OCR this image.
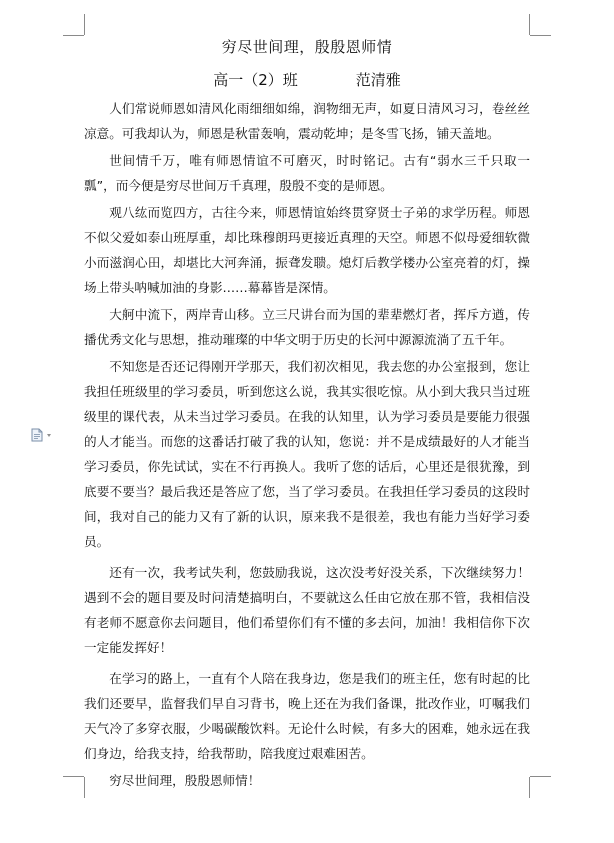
穷尽世间理，殷殷恩师情
高一（2）班	范清雅

人们常说师恩如清风化雨细细如绵，润物细无声，如夏日清风习习，卷丝丝凉意。可我却认为，师恩是秋雷轰响，震动乾坤；是冬雪飞扬，铺天盖地。

世间情千万，唯有师恩情谊不可磨灭，时时铭记。古有“弱水三千只取一瓢”，而今便是穷尽世间万千真理，殷殷不变的是师恩。

观八纮而览四方，古往今来，师恩情谊始终贯穿贤士子弟的求学历程。师恩不似父爱如泰山班厚重，却比珠穆朗玛更接近真理的天空。师恩不似母爱细软微小而滋润心田，却堪比大河奔涌，振聋发聩。熄灯后教学楼办公室亮着的灯，操场上带头呐喊加油的身影……幕幕皆是深情。

大舸中流下，两岸青山移。立三尺讲台而为国的辈辈燃灯者，挥斥方遒，传播优秀文化与思想，推动璀璨的中华文明于历史的长河中源源流淌了五千年。

不知您是否还记得刚开学那天，我们初次相见，我去您的办公室报到，您让我担任班级里的学习委员，听到您这么说，我其实很吃惊。从小到大我只当过班级里的课代表，从未当过学习委员。在我的认知里，认为学习委员是要能力很强的人才能当。而您的这番话打破了我的认知，您说：并不是成绩最好的人才能当学习委员，你先试试，实在不行再换人。我听了您的话后，心里还是很犹豫，到底要不要当？最后我还是答应了您，当了学习委员。在我担任学习委员的这段时间，我对自己的能力又有了新的认识，原来我不是很差，我也有能力当好学习委员。

还有一次，我考试失利，您鼓励我说，这次没考好没关系，下次继续努力！遇到不会的题目要及时问清楚搞明白，不要就这么任由它放在那不管，我相信没有老师不愿意你去问题目，他们希望你们有不懂的多去问，加油！我相信你下次一定能发挥好！

在学习的路上，一直有个人陪在我身边，您是我们的班主任，您有时起的比我们还要早，监督我们早自习背书，晚上还在为我们备课，批改作业，叮嘱我们天气冷了多穿衣服，少喝碳酸饮料。无论什么时候，有多大的困难，她永远在我们身边，给我支持，给我帮助，陪我度过艰难困苦。

穷尽世间理，殷殷恩师情！
